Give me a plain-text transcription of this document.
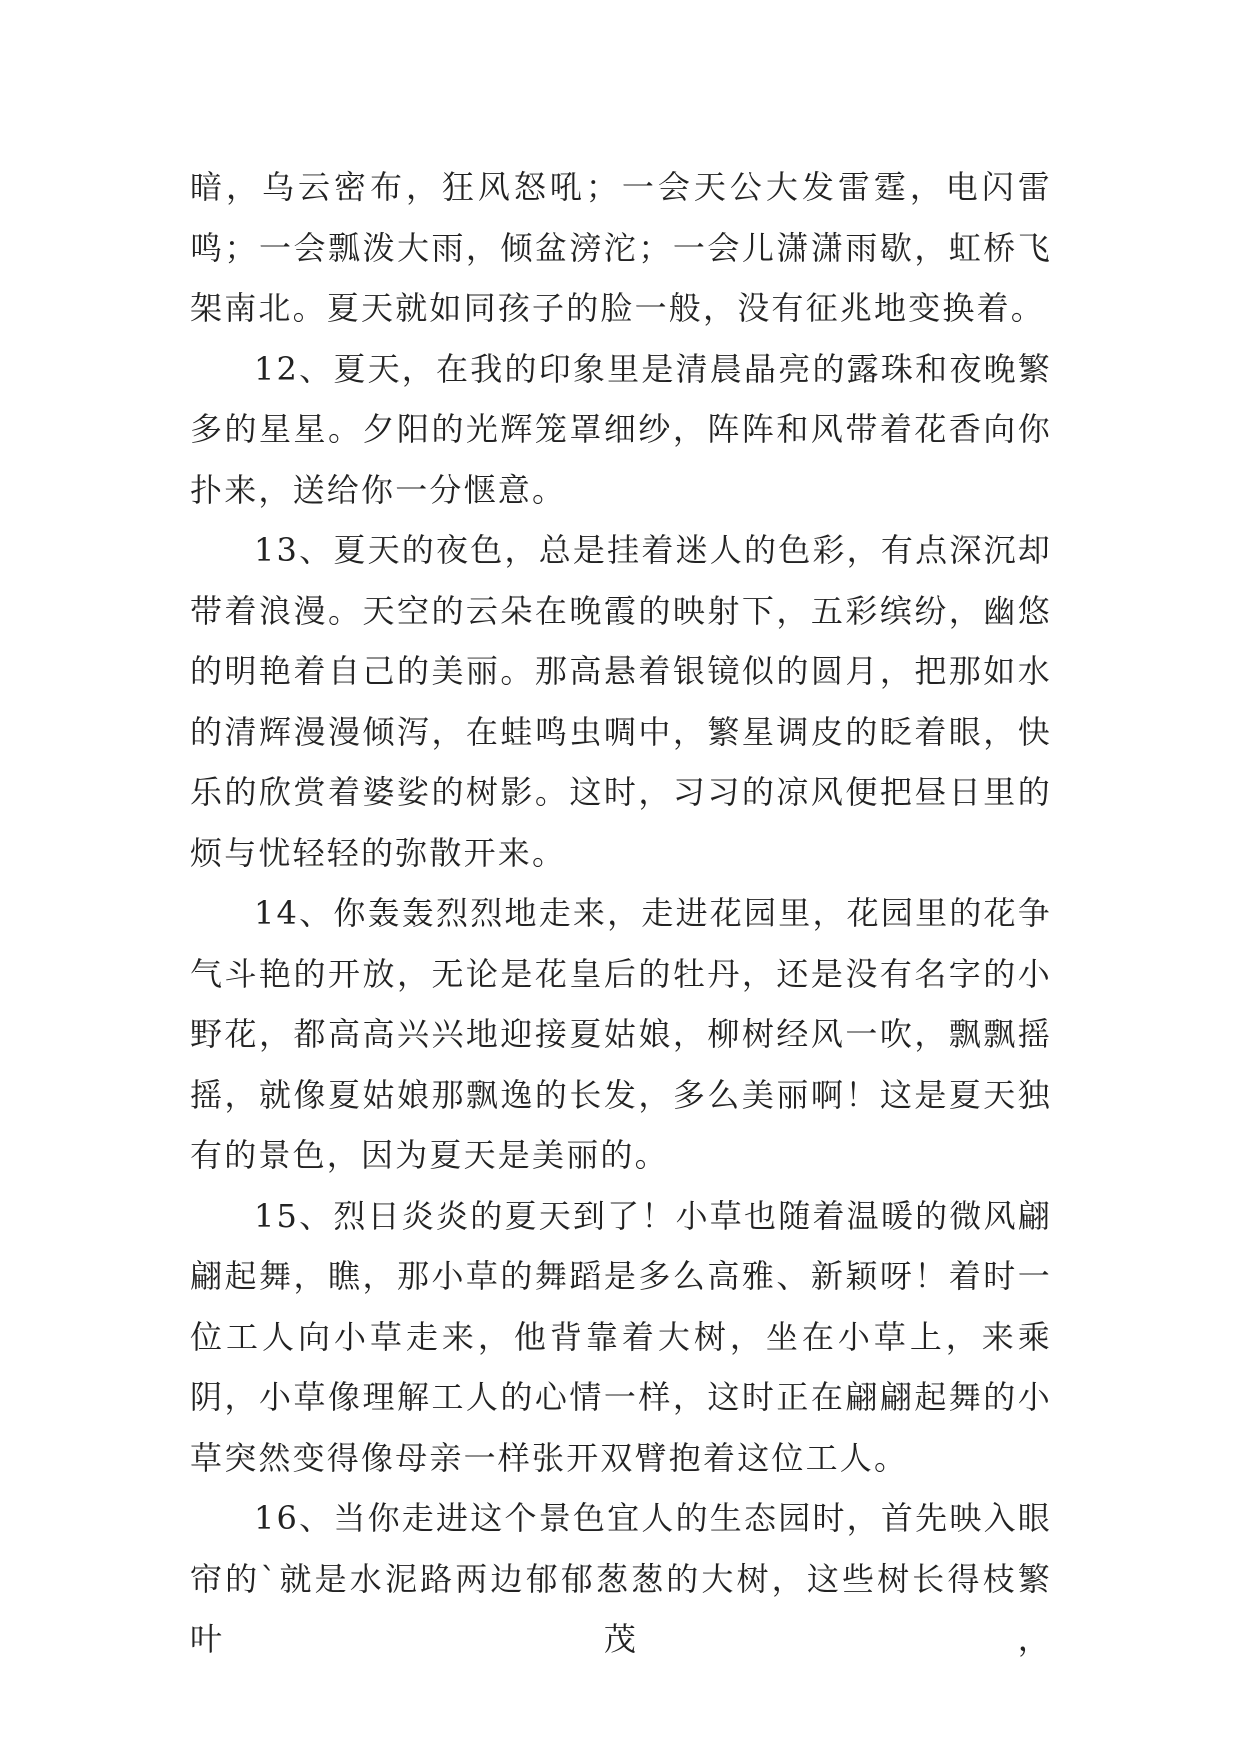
暗，乌云密布，狂风怒吼；一会天公大发雷霆，电闪雷鸣；一会瓢泼大雨，倾盆滂沱；一会儿潇潇雨歇，虹桥飞架南北。夏天就如同孩子的脸一般，没有征兆地变换着。

12、夏天，在我的印象里是清晨晶亮的露珠和夜晚繁多的星星。夕阳的光辉笼罩细纱，阵阵和风带着花香向你扑来，送给你一分惬意。

13、夏天的夜色，总是挂着迷人的色彩，有点深沉却带着浪漫。天空的云朵在晚霞的映射下，五彩缤纷，幽悠的明艳着自己的美丽。那高悬着银镜似的圆月，把那如水的清辉漫漫倾泻，在蛙鸣虫啁中，繁星调皮的眨着眼，快乐的欣赏着婆娑的树影。这时，习习的凉风便把昼日里的烦与忧轻轻的弥散开来。

14、你轰轰烈烈地走来，走进花园里，花园里的花争气斗艳的开放，无论是花皇后的牡丹，还是没有名字的小野花，都高高兴兴地迎接夏姑娘，柳树经风一吹，飘飘摇摇，就像夏姑娘那飘逸的长发，多么美丽啊！这是夏天独有的景色，因为夏天是美丽的。

15、烈日炎炎的夏天到了！小草也随着温暖的微风翩翩起舞，瞧，那小草的舞蹈是多么高雅、新颖呀！着时一位工人向小草走来，他背靠着大树，坐在小草上，来乘阴，小草像理解工人的心情一样，这时正在翩翩起舞的小草突然变得像母亲一样张开双臂抱着这位工人。

16、当你走进这个景色宜人的生态园时，首先映入眼帘的`就是水泥路两边郁郁葱葱的大树，这些树长得枝繁叶茂，
